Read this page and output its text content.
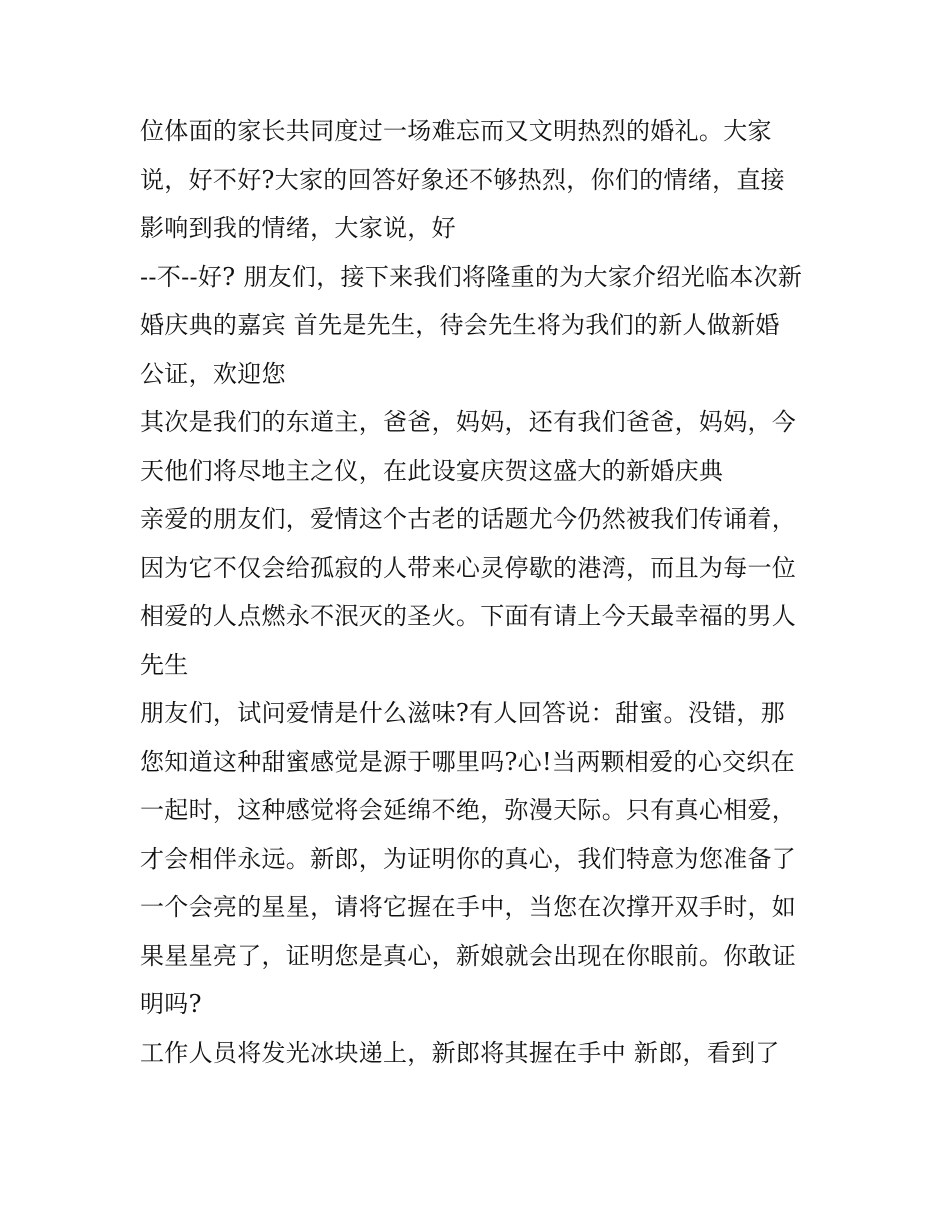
位体面的家长共同度过一场难忘而又文明热烈的婚礼。大家
说，好不好?大家的回答好象还不够热烈，你们的情绪，直接
影响到我的情绪，大家说，好
--不--好? 朋友们，接下来我们将隆重的为大家介绍光临本次新
婚庆典的嘉宾 首先是先生，待会先生将为我们的新人做新婚
公证，欢迎您
其次是我们的东道主，爸爸，妈妈，还有我们爸爸，妈妈，今
天他们将尽地主之仪，在此设宴庆贺这盛大的新婚庆典
亲爱的朋友们，爱情这个古老的话题尤今仍然被我们传诵着，
因为它不仅会给孤寂的人带来心灵停歇的港湾，而且为每一位
相爱的人点燃永不泯灭的圣火。下面有请上今天最幸福的男人
先生
朋友们，试问爱情是什么滋味?有人回答说：甜蜜。没错，那
您知道这种甜蜜感觉是源于哪里吗?心!当两颗相爱的心交织在
一起时，这种感觉将会延绵不绝，弥漫天际。只有真心相爱，
才会相伴永远。新郎，为证明你的真心，我们特意为您准备了
一个会亮的星星，请将它握在手中，当您在次撑开双手时，如
果星星亮了，证明您是真心，新娘就会出现在你眼前。你敢证
明吗?
工作人员将发光冰块递上，新郎将其握在手中 新郎，看到了
